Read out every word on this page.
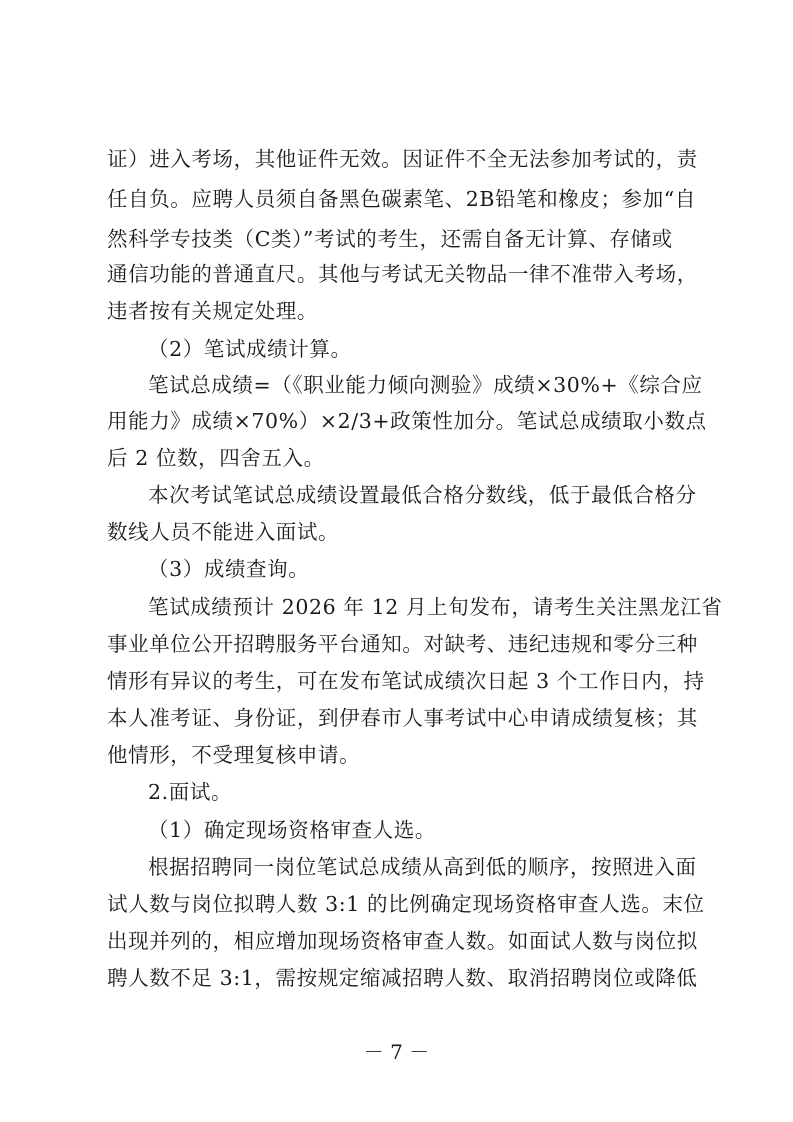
证）进入考场，其他证件无效。因证件不全无法参加考试的，责
任自负。应聘人员须自备黑色碳素笔、2B铅笔和橡皮；参加“自
然科学专技类（C类）”考试的考生，还需自备无计算、存储或
通信功能的普通直尺。其他与考试无关物品一律不准带入考场，
违者按有关规定处理。
（2）笔试成绩计算。
笔试总成绩=（《职业能力倾向测验》成绩×30%+《综合应
用能力》成绩×70%）×2/3+政策性加分。笔试总成绩取小数点
后 2 位数，四舍五入。
本次考试笔试总成绩设置最低合格分数线，低于最低合格分
数线人员不能进入面试。
（3）成绩查询。
笔试成绩预计 2026 年 12 月上旬发布，请考生关注黑龙江省
事业单位公开招聘服务平台通知。对缺考、违纪违规和零分三种
情形有异议的考生，可在发布笔试成绩次日起 3 个工作日内，持
本人准考证、身份证，到伊春市人事考试中心申请成绩复核；其
他情形，不受理复核申请。
2.面试。
（1）确定现场资格审查人选。
根据招聘同一岗位笔试总成绩从高到低的顺序，按照进入面
试人数与岗位拟聘人数 3:1 的比例确定现场资格审查人选。末位
出现并列的，相应增加现场资格审查人数。如面试人数与岗位拟
聘人数不足 3:1，需按规定缩减招聘人数、取消招聘岗位或降低
－ 7 －
